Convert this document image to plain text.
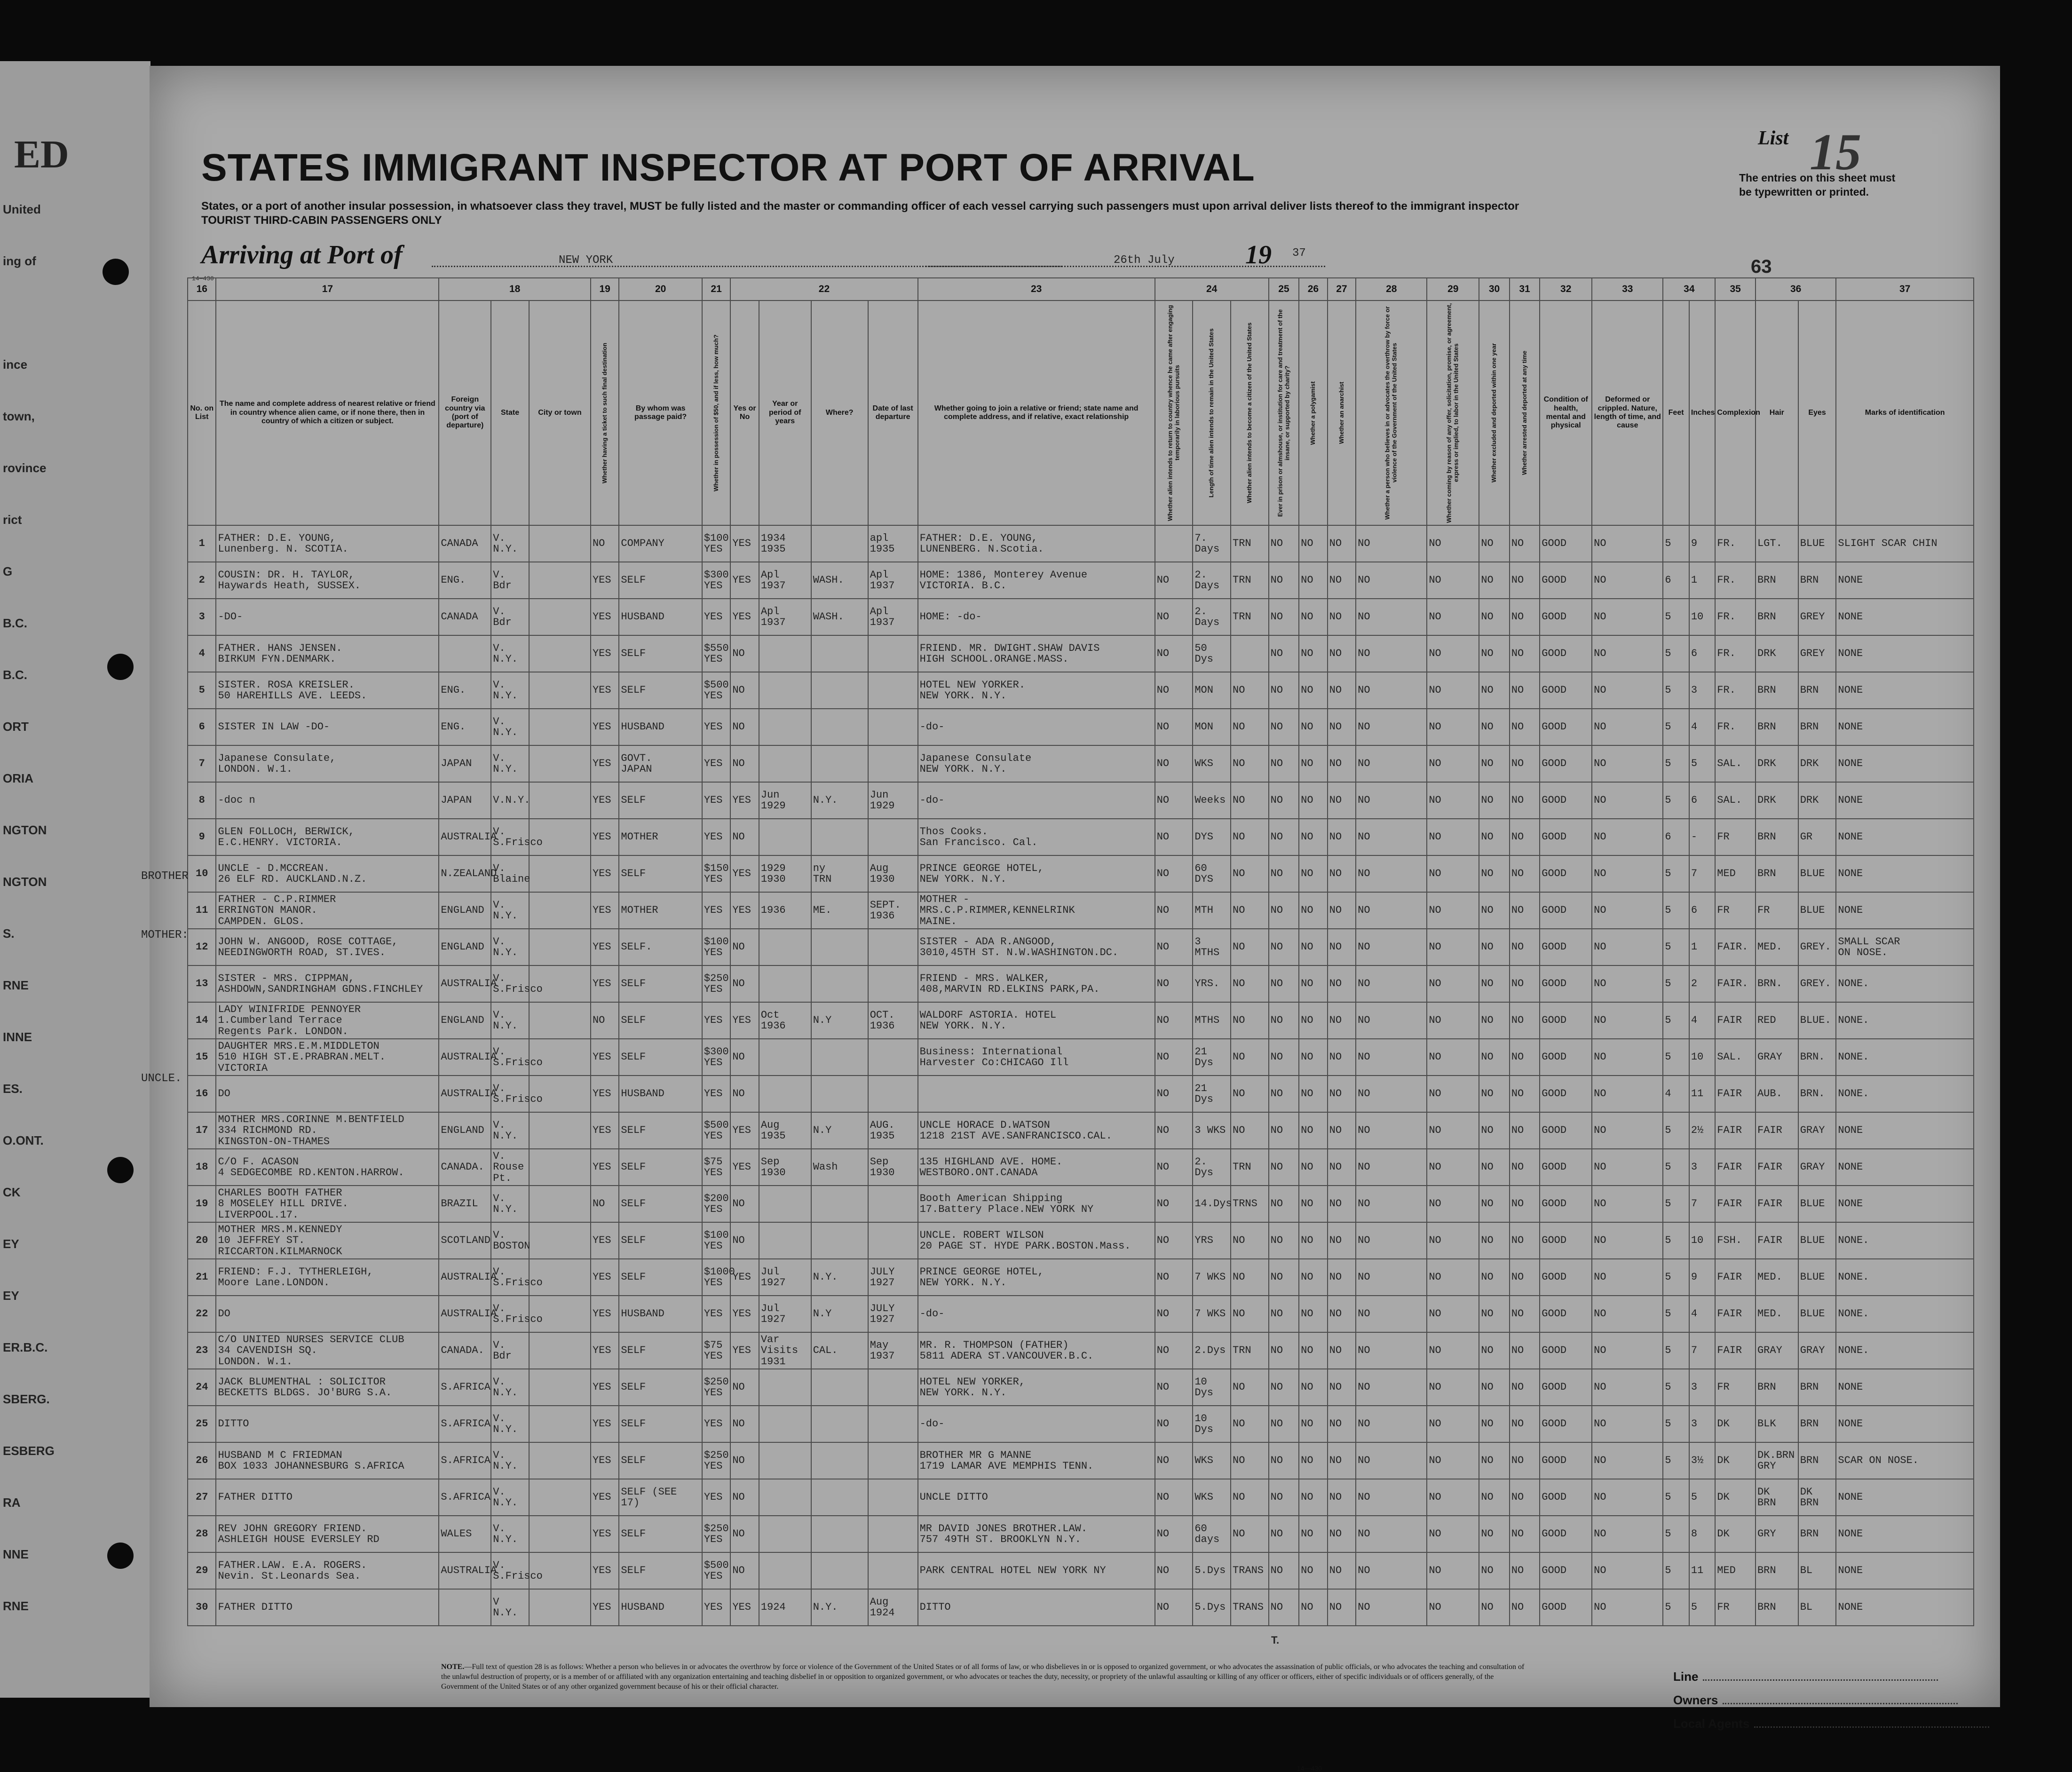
ED
United
ing of
ince
town,
rovince
rict
G
B.C.
B.C.
ORT
ORIA
NGTON
NGTON
S.
RNE
INNE
ES.
O.ONT.
CK
EY
EY
ER.B.C.
SBERG.
ESBERG
RA
NNE
RNE
STATES IMMIGRANT INSPECTOR AT PORT OF ARRIVAL
List 15
The entries on this sheet must
be typewritten or printed.
States, or a port of another insular possession, in whatsoever class they travel, MUST be fully listed and the master or commanding officer of each vessel carrying such passengers must upon arrival deliver lists thereof to the immigrant inspector
TOURIST THIRD-CABIN PASSENGERS ONLY
Arriving at Port of	NEW YORK	26th July	19 37
63
14—430
16	17	18			19	20	21	22				23	24			25	26	27	28	29	30	31	32	33	34		35	36		37
No. on List	The name and complete address of nearest relative or friend in country whence alien came, or if none there, then in country of which a citizen or subject.	Foreign country via (port of departure)	State	City or town	Whether having a ticket to such final destination	By whom was passage paid?	Whether in possession of $50, and if less, how much?	Yes or No	Year or period of years	Where?	Date of last departure	Whether going to join a relative or friend; state name and complete address, and if relative, exact relationship	Whether alien intends to return to country whence he came after engaging temporarily in laborious pursuits	Length of time alien intends to remain in the United States	Whether alien intends to become a citizen of the United States	Ever in prison or almshouse, or institution for care and treatment of the insane, or supported by charity?	Whether a polygamist	Whether an anarchist	Whether a person who believes in or advocates the overthrow by force or violence of the Government of the United States	Whether coming by reason of any offer, solicitation, promise, or agreement, express or implied, to labor in the United States	Whether excluded and deported within one year	Whether arrested and deported at any time	Condition of health, mental and physical	Deformed or crippled. Nature, length of time, and cause	Feet	Inches	Complexion	Hair	Eyes	Marks of identification
1	FATHER: D.E. YOUNG,
Lunenberg. N. SCOTIA.	CANADA	V. N.Y.		NO	COMPANY	$100 YES	YES	1934
1935		apl
1935	FATHER: D.E. YOUNG,
LUNENBERG. N.Scotia.		7. Days	TRN	NO	NO	NO	NO	NO	NO	NO	GOOD	NO	5	9	FR.	LGT.	BLUE	SLIGHT SCAR CHIN
2	COUSIN: DR. H. TAYLOR,
Haywards Heath, SUSSEX.	ENG.	V. Bdr		YES	SELF	$300 YES	YES	Apl
1937	WASH.	Apl
1937	HOME: 1386, Monterey Avenue
VICTORIA. B.C.	NO	2. Days	TRN	NO	NO	NO	NO	NO	NO	NO	GOOD	NO	6	1	FR.	BRN	BRN	NONE
3	-DO-	CANADA	V. Bdr		YES	HUSBAND	YES	YES	Apl
1937	WASH.	Apl
1937	HOME: -do-	NO	2. Days	TRN	NO	NO	NO	NO	NO	NO	NO	GOOD	NO	5	10	FR.	BRN	GREY	NONE
4	FATHER. HANS JENSEN.
BIRKUM FYN.DENMARK.		V. N.Y.		YES	SELF	$550 YES	NO				FRIEND. MR. DWIGHT.SHAW DAVIS
HIGH SCHOOL.ORANGE.MASS.	NO	50 Dys		NO	NO	NO	NO	NO	NO	NO	GOOD	NO	5	6	FR.	DRK	GREY	NONE
5	SISTER. ROSA KREISLER.
50 HAREHILLS AVE. LEEDS.	ENG.	V. N.Y.		YES	SELF	$500 YES	NO				HOTEL NEW YORKER.
NEW YORK. N.Y.	NO	MON	NO	NO	NO	NO	NO	NO	NO	NO	GOOD	NO	5	3	FR.	BRN	BRN	NONE
6	SISTER IN LAW -DO-	ENG.	V. N.Y.		YES	HUSBAND	YES	NO				-do-	NO	MON	NO	NO	NO	NO	NO	NO	NO	NO	GOOD	NO	5	4	FR.	BRN	BRN	NONE
7	Japanese Consulate,
LONDON. W.1.	JAPAN	V. N.Y.		YES	GOVT.
JAPAN	YES	NO				Japanese Consulate
NEW YORK. N.Y.	NO	WKS	NO	NO	NO	NO	NO	NO	NO	NO	GOOD	NO	5	5	SAL.	DRK	DRK	NONE
8	-doc n	JAPAN	V.N.Y.		YES	SELF	YES	YES	Jun
1929	N.Y.	Jun
1929	-do-	NO	Weeks	NO	NO	NO	NO	NO	NO	NO	NO	GOOD	NO	5	6	SAL.	DRK	DRK	NONE
9	GLEN FOLLOCH, BERWICK,
E.C.HENRY. VICTORIA.	AUSTRALIA	V. S.Frisco		YES	MOTHER	YES	NO				Thos Cooks.
San Francisco. Cal.	NO	DYS	NO	NO	NO	NO	NO	NO	NO	NO	GOOD	NO	6	-	FR	BRN	GR	NONE
10	UNCLE - D.MCCREAN.
26 ELF RD. AUCKLAND.N.Z.	N.ZEALAND	V. Blaine		YES	SELF	$150 YES	YES	1929
1930	ny
TRN	Aug
1930	PRINCE GEORGE HOTEL,
NEW YORK. N.Y.	NO	60 DYS	NO	NO	NO	NO	NO	NO	NO	NO	GOOD	NO	5	7	MED	BRN	BLUE	NONE
11	FATHER - C.P.RIMMER
ERRINGTON MANOR.
CAMPDEN. GLOS.	ENGLAND	V. N.Y.		YES	MOTHER	YES	YES	1936	ME.	SEPT.
1936	MOTHER -
MRS.C.P.RIMMER,KENNELRINK
MAINE.	NO	MTH	NO	NO	NO	NO	NO	NO	NO	NO	GOOD	NO	5	6	FR	FR	BLUE	NONE
12	JOHN W. ANGOOD, ROSE COTTAGE,
NEEDINGWORTH ROAD, ST.IVES.	ENGLAND	V. N.Y.		YES	SELF.	$100 YES	NO				SISTER - ADA R.ANGOOD,
3010,45TH ST. N.W.WASHINGTON.DC.	NO	3 MTHS	NO	NO	NO	NO	NO	NO	NO	NO	GOOD	NO	5	1	FAIR.	MED.	GREY.	SMALL SCAR
ON NOSE.
13	SISTER - MRS. CIPPMAN,
ASHDOWN,SANDRINGHAM GDNS.FINCHLEY	AUSTRALIA	V. S.Frisco		YES	SELF	$250 YES	NO				FRIEND - MRS. WALKER,
408,MARVIN RD.ELKINS PARK,PA.	NO	YRS.	NO	NO	NO	NO	NO	NO	NO	NO	GOOD	NO	5	2	FAIR.	BRN.	GREY.	NONE.
14	LADY WINIFRIDE PENNOYER
1.Cumberland Terrace
Regents Park. LONDON.	ENGLAND	V. N.Y.		NO	SELF	YES	YES	Oct
1936	N.Y	OCT.
1936	WALDORF ASTORIA. HOTEL
NEW YORK. N.Y.	NO	MTHS	NO	NO	NO	NO	NO	NO	NO	NO	GOOD	NO	5	4	FAIR	RED	BLUE.	NONE.
15	DAUGHTER MRS.E.M.MIDDLETON
510 HIGH ST.E.PRABRAN.MELT.
VICTORIA	AUSTRALIA	V. S.Frisco		YES	SELF	$300 YES	NO				Business: International
Harvester Co:CHICAGO Ill	NO	21 Dys	NO	NO	NO	NO	NO	NO	NO	NO	GOOD	NO	5	10	SAL.	GRAY	BRN.	NONE.
16	DO	AUSTRALIA	V. S.Frisco		YES	HUSBAND	YES	NO					NO	21 Dys	NO	NO	NO	NO	NO	NO	NO	NO	GOOD	NO	4	11	FAIR	AUB.	BRN.	NONE.
17	MOTHER MRS.CORINNE M.BENTFIELD
334 RICHMOND RD.
KINGSTON-ON-THAMES	ENGLAND	V. N.Y.		YES	SELF	$500 YES	YES	Aug
1935	N.Y	AUG.
1935	UNCLE HORACE D.WATSON
1218 21ST AVE.SANFRANCISCO.CAL.	NO	3 WKS	NO	NO	NO	NO	NO	NO	NO	NO	GOOD	NO	5	2½	FAIR	FAIR	GRAY	NONE
18	C/O F. ACASON
4 SEDGECOMBE RD.KENTON.HARROW.	CANADA.	V. Rouse Pt.		YES	SELF	$75 YES	YES	Sep
1930	Wash	Sep
1930	135 HIGHLAND AVE. HOME.
WESTBORO.ONT.CANADA	NO	2. Dys	TRN	NO	NO	NO	NO	NO	NO	NO	GOOD	NO	5	3	FAIR	FAIR	GRAY	NONE
19	CHARLES BOOTH FATHER
8 MOSELEY HILL DRIVE.
LIVERPOOL.17.	BRAZIL	V. N.Y.		NO	SELF	$200 YES	NO				Booth American Shipping
17.Battery Place.NEW YORK NY	NO	14.Dys	TRNS	NO	NO	NO	NO	NO	NO	NO	GOOD	NO	5	7	FAIR	FAIR	BLUE	NONE
20	MOTHER MRS.M.KENNEDY
10 JEFFREY ST.
RICCARTON.KILMARNOCK	SCOTLAND	V. BOSTON		YES	SELF	$100 YES	NO				UNCLE. ROBERT WILSON
20 PAGE ST. HYDE PARK.BOSTON.Mass.	NO	YRS	NO	NO	NO	NO	NO	NO	NO	NO	GOOD	NO	5	10	FSH.	FAIR	BLUE	NONE.
21	FRIEND: F.J. TYTHERLEIGH,
Moore Lane.LONDON.	AUSTRALIA	V. S.Frisco		YES	SELF	$1000 YES	YES	Jul
1927	N.Y.	JULY
1927	PRINCE GEORGE HOTEL,
NEW YORK. N.Y.	NO	7 WKS	NO	NO	NO	NO	NO	NO	NO	NO	GOOD	NO	5	9	FAIR	MED.	BLUE	NONE.
22	DO	AUSTRALIA	V. S.Frisco		YES	HUSBAND	YES	YES	Jul
1927	N.Y	JULY
1927	-do-	NO	7 WKS	NO	NO	NO	NO	NO	NO	NO	NO	GOOD	NO	5	4	FAIR	MED.	BLUE	NONE.
23	C/O UNITED NURSES SERVICE CLUB
34 CAVENDISH SQ.
LONDON. W.1.	CANADA.	V. Bdr		YES	SELF	$75 YES	YES	Var Visits
1931	CAL.	May
1937	MR. R. THOMPSON (FATHER)
5811 ADERA ST.VANCOUVER.B.C.	NO	2.Dys	TRN	NO	NO	NO	NO	NO	NO	NO	GOOD	NO	5	7	FAIR	GRAY	GRAY	NONE.
24	JACK BLUMENTHAL : SOLICITOR
BECKETTS BLDGS. JO'BURG S.A.	S.AFRICA	V. N.Y.		YES	SELF	$250 YES	NO				HOTEL NEW YORKER,
NEW YORK. N.Y.	NO	10 Dys	NO	NO	NO	NO	NO	NO	NO	NO	GOOD	NO	5	3	FR	BRN	BRN	NONE
25	DITTO	S.AFRICA	V. N.Y.		YES	SELF	YES	NO				-do-	NO	10 Dys	NO	NO	NO	NO	NO	NO	NO	NO	GOOD	NO	5	3	DK	BLK	BRN	NONE
26	HUSBAND M C FRIEDMAN
BOX 1033 JOHANNESBURG S.AFRICA	S.AFRICA	V. N.Y.		YES	SELF	$250 YES	NO				BROTHER MR G MANNE
1719 LAMAR AVE MEMPHIS TENN.	NO	WKS	NO	NO	NO	NO	NO	NO	NO	NO	GOOD	NO	5	3½	DK	DK.BRN
GRY	BRN	SCAR ON NOSE.
27	FATHER DITTO	S.AFRICA	V. N.Y.		YES	SELF (SEE 17)	YES	NO				UNCLE DITTO	NO	WKS	NO	NO	NO	NO	NO	NO	NO	NO	GOOD	NO	5	5	DK	DK
BRN	DK
BRN	NONE
28	REV JOHN GREGORY FRIEND.
ASHLEIGH HOUSE EVERSLEY RD	WALES	V. N.Y.		YES	SELF	$250 YES	NO				MR DAVID JONES BROTHER.LAW.
757 49TH ST. BROOKLYN N.Y.	NO	60 days	NO	NO	NO	NO	NO	NO	NO	NO	GOOD	NO	5	8	DK	GRY	BRN	NONE
29	FATHER.LAW. E.A. ROGERS.
Nevin. St.Leonards Sea.	AUSTRALIA	V. S.Frisco		YES	SELF	$500 YES	NO				PARK CENTRAL HOTEL NEW YORK NY	NO	5.Dys	TRANS	NO	NO	NO	NO	NO	NO	NO	GOOD	NO	5	11	MED	BRN	BL	NONE
30	FATHER DITTO		V N.Y.		YES	HUSBAND	YES	YES	1924	N.Y.	Aug
1924	DITTO	NO	5.Dys	TRANS	NO	NO	NO	NO	NO	NO	NO	GOOD	NO	5	5	FR	BRN	BL	NONE
T.
NOTE.—Full text of question 28 is as follows: Whether a person who believes in or advocates the overthrow by force or violence of the Government of the United States or of all forms of law, or who disbelieves in or is opposed to organized government, or who advocates the assassination of public officials, or who advocates the teaching and consultation of the unlawful destruction of property, or is a member of or affiliated with any organization entertaining and teaching disbelief in or opposition to organized government, or who advocates or teaches the duty, necessity, or propriety of the unlawful assaulting or killing of any officer or officers, either of specific individuals or of officers generally, of the Government of the United States or of any other organized government because of his or their official character.
Line
Owners
Local Agents
14—430
BROTHER
MOTHER:
UNCLE.
